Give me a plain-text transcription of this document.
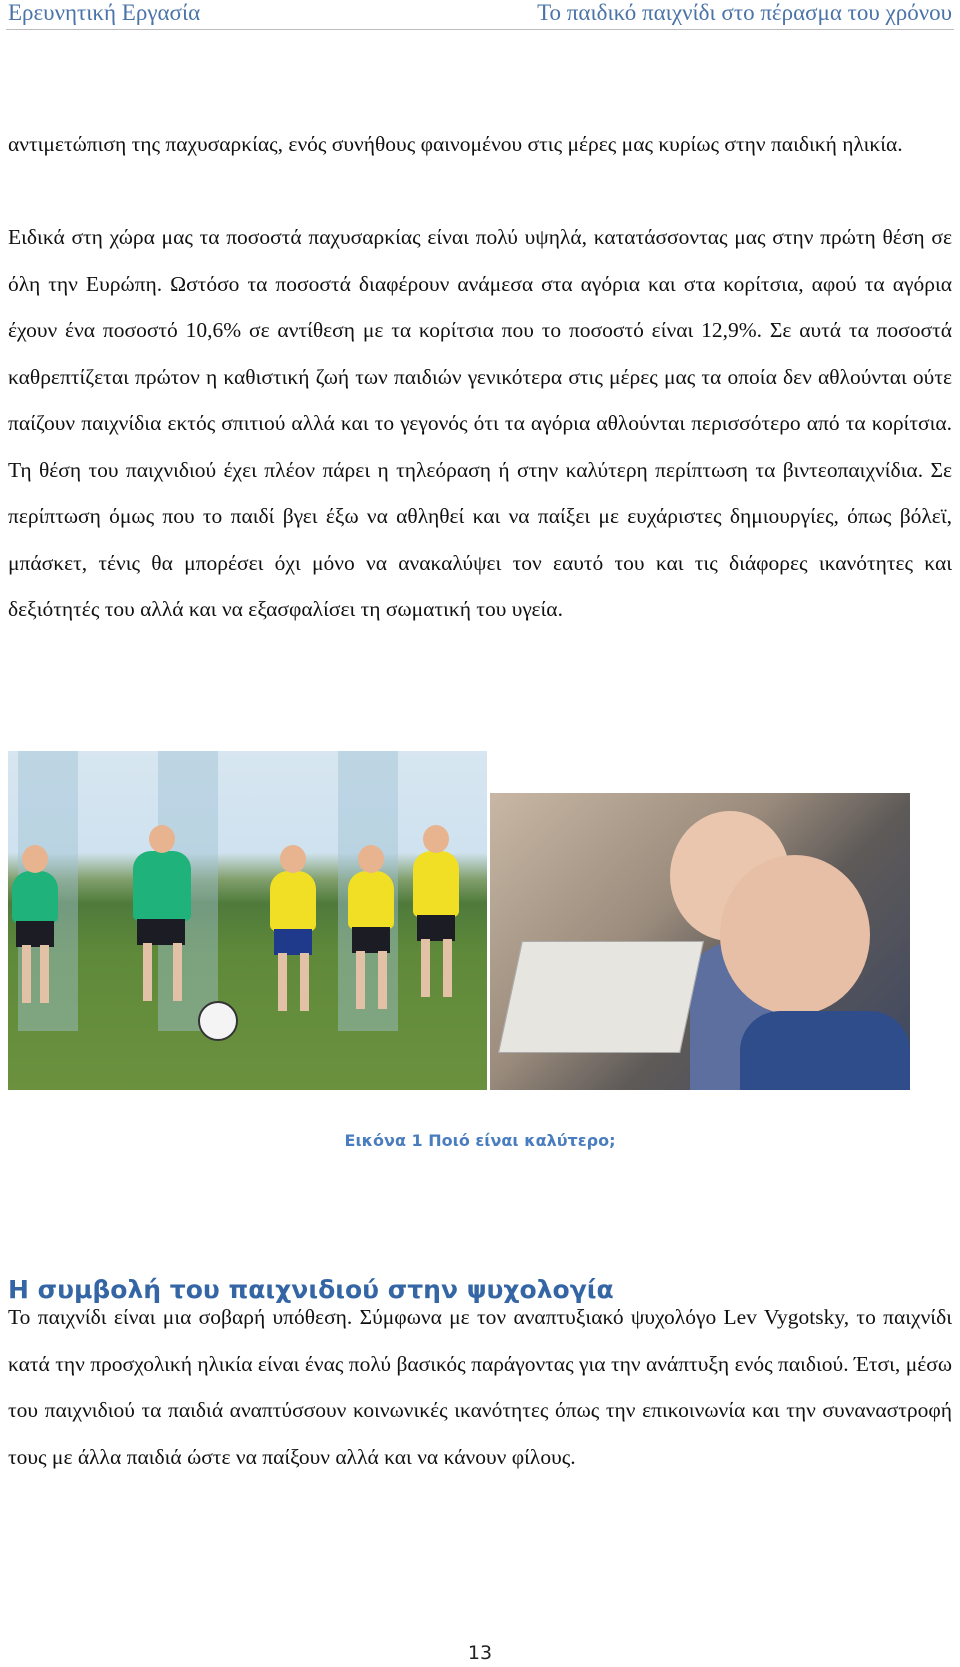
Ερευνητική Εργασία	Το παιδικό παιχνίδι στο πέρασμα του χρόνου

αντιμετώπιση της παχυσαρκίας, ενός συνήθους φαινομένου στις μέρες μας κυρίως στην παιδική ηλικία.

Ειδικά στη χώρα μας τα ποσοστά παχυσαρκίας είναι πολύ υψηλά, κατατάσσοντας μας στην πρώτη θέση σε όλη την Ευρώπη. Ωστόσο τα ποσοστά διαφέρουν ανάμεσα στα αγόρια και στα κορίτσια, αφού τα αγόρια έχουν ένα ποσοστό 10,6% σε αντίθεση με τα κορίτσια που το ποσοστό είναι 12,9%. Σε αυτά τα ποσοστά καθρεπτίζεται πρώτον η καθιστική ζωή των παιδιών γενικότερα στις μέρες μας τα οποία δεν αθλούνται ούτε παίζουν παιχνίδια εκτός σπιτιού αλλά και το γεγονός ότι τα αγόρια αθλούνται περισσότερο από τα κορίτσια. Τη θέση του παιχνιδιού έχει πλέον πάρει η τηλεόραση ή στην καλύτερη περίπτωση τα βιντεοπαιχνίδια. Σε περίπτωση όμως που το παιδί βγει έξω να αθληθεί και να παίξει με ευχάριστες δημιουργίες, όπως βόλεϊ, μπάσκετ, τένις θα μπορέσει όχι μόνο να ανακαλύψει τον εαυτό του και τις διάφορες ικανότητες και δεξιότητές του αλλά και να εξασφαλίσει τη σωματική του υγεία.

Εικόνα 1 Ποιό είναι καλύτερο;
Η συμβολή του παιχνιδιού στην ψυχολογία

Το παιχνίδι είναι μια σοβαρή υπόθεση. Σύμφωνα με τον αναπτυξιακό ψυχολόγο Lev Vygotsky, το παιχνίδι κατά την προσχολική ηλικία είναι ένας πολύ βασικός παράγοντας για την ανάπτυξη ενός παιδιού. Έτσι, μέσω του παιχνιδιού τα παιδιά αναπτύσσουν κοινωνικές ικανότητες όπως την επικοινωνία και την συναναστροφή τους με άλλα παιδιά ώστε να παίξουν αλλά και να κάνουν φίλους.

13
